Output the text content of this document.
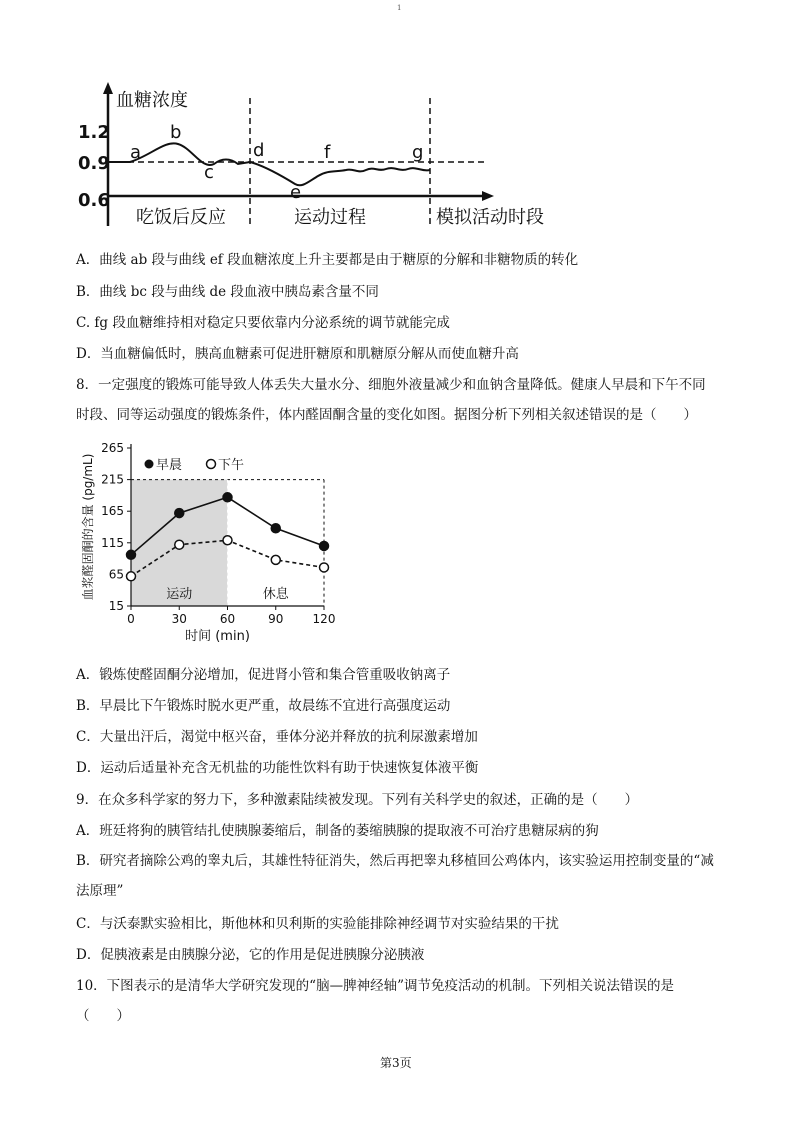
1
血糖浓度
1.2
0.9
0.6
a
b
c
d
e
f	g
吃饭后反应	运动过程	模拟活动时段
A．曲线 ab 段与曲线 ef 段血糖浓度上升主要都是由于糖原的分解和非糖物质的转化
B．曲线 bc 段与曲线 de 段血液中胰岛素含量不同
C. fg 段血糖维持相对稳定只要依靠内分泌系统的调节就能完成
D．当血糖偏低时，胰高血糖素可促进肝糖原和肌糖原分解从而使血糖升高
8．一定强度的锻炼可能导致人体丢失大量水分、细胞外液量减少和血钠含量降低。健康人早晨和下午不同时段、同等运动强度的锻炼条件，体内醛固酮含量的变化如图。据图分析下列相关叙述错误的是（　　）
15
65
115
165
215
265
0	30	60	90 120
运动	休息
早晨	下午
时间 (min)
血浆醛固酮的含量 (pg/mL)
A．锻炼使醛固酮分泌增加，促进肾小管和集合管重吸收钠离子
B．早晨比下午锻炼时脱水更严重，故晨练不宜进行高强度运动
C．大量出汗后，渴觉中枢兴奋，垂体分泌并释放的抗利尿激素增加
D．运动后适量补充含无机盐的功能性饮料有助于快速恢复体液平衡
9．在众多科学家的努力下，多种激素陆续被发现。下列有关科学史的叙述，正确的是（　　）
A．班廷将狗的胰管结扎使胰腺萎缩后，制备的萎缩胰腺的提取液不可治疗患糖尿病的狗
B．研究者摘除公鸡的睾丸后，其雄性特征消失，然后再把睾丸移植回公鸡体内，该实验运用控制变量的“减法原理”
C．与沃泰默实验相比，斯他林和贝利斯的实验能排除神经调节对实验结果的干扰
D．促胰液素是由胰腺分泌，它的作用是促进胰腺分泌胰液
10．下图表示的是清华大学研究发现的“脑—脾神经轴”调节免疫活动的机制。下列相关说法错误的是（　　）
第3页
